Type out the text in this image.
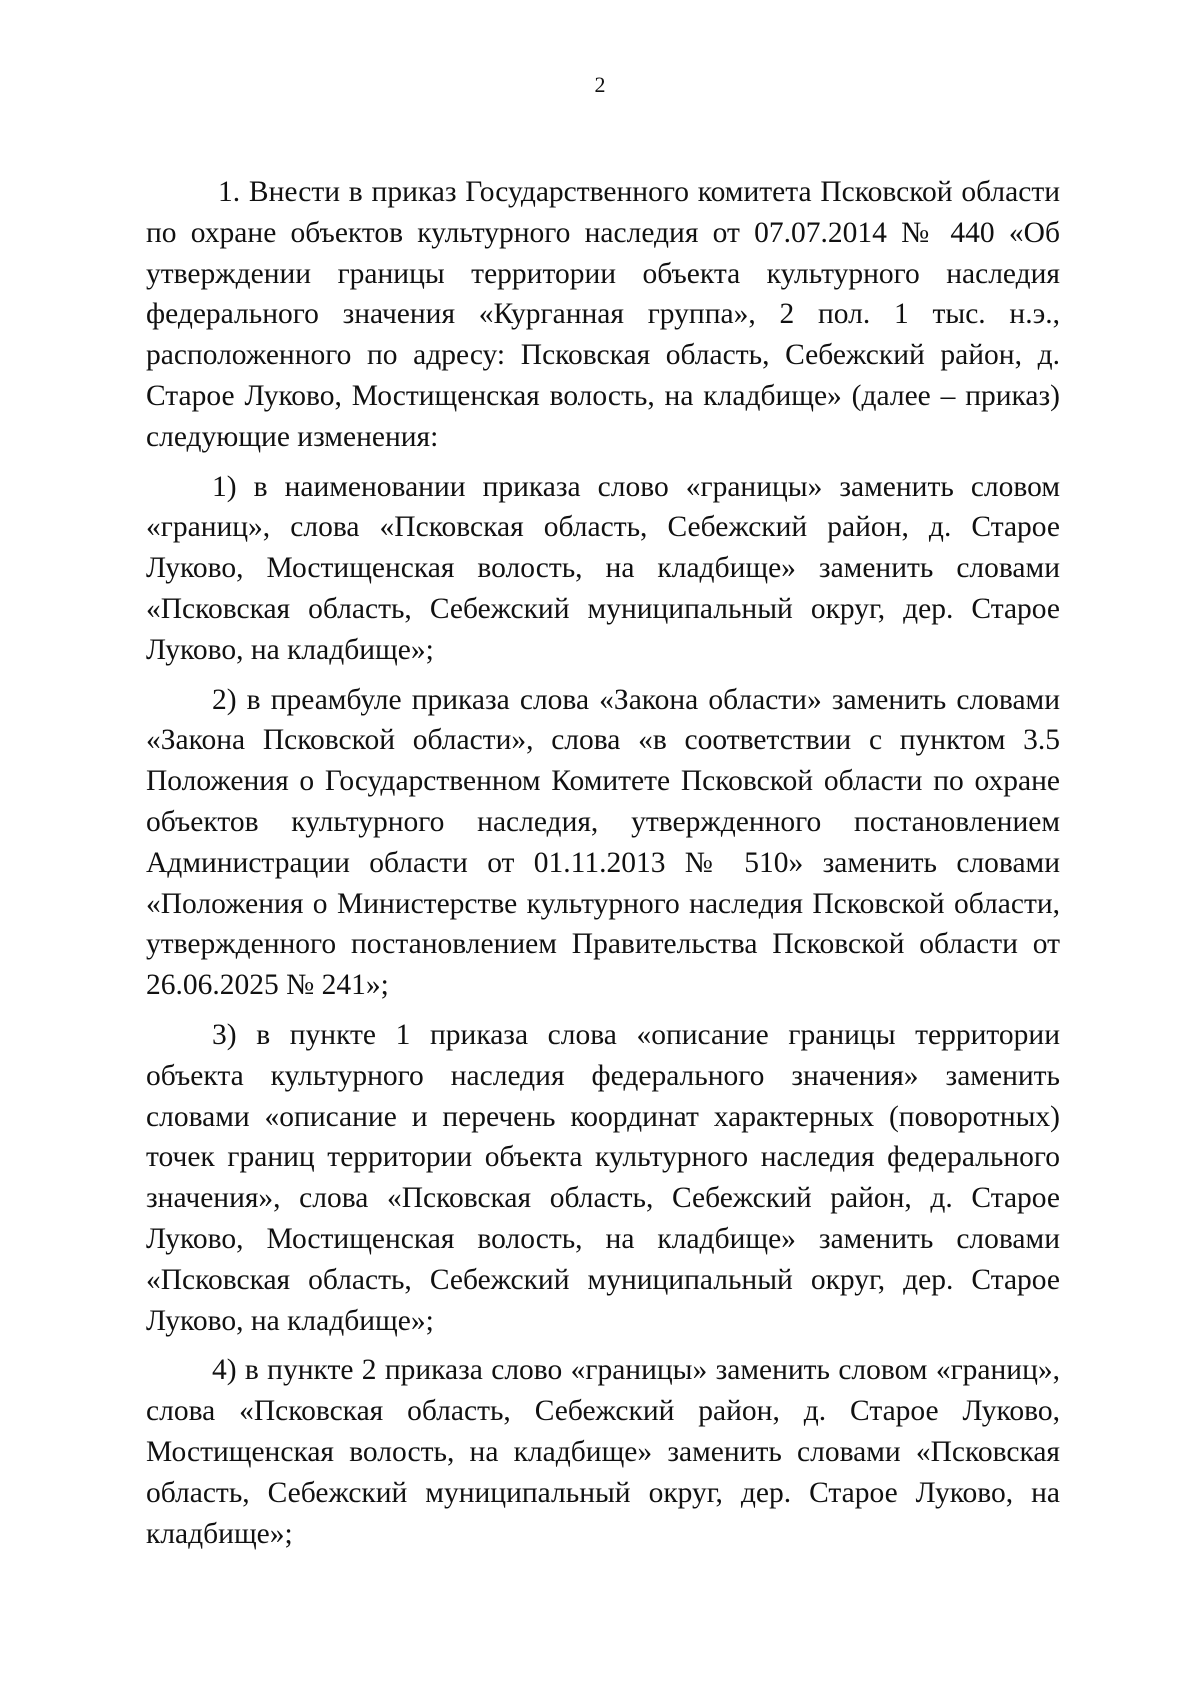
2

1. Внести в приказ Государственного комитета Псковской области по охране объектов культурного наследия от 07.07.2014 № 440 «Об утверждении границы территории объекта культурного наследия федерального значения «Курганная группа», 2 пол. 1 тыс. н.э., расположенного по адресу: Псковская область, Себежский район, д. Старое Луково, Мостищенская волость, на кладбище» (далее – приказ) следующие изменения:

1) в наименовании приказа слово «границы» заменить словом «границ», слова «Псковская область, Себежский район, д. Старое Луково, Мостищенская волость, на кладбище» заменить словами «Псковская область, Себежский муниципальный округ, дер. Старое Луково, на кладбище»;

2) в преамбуле приказа слова «Закона области» заменить словами «Закона Псковской области», слова «в соответствии с пунктом 3.5 Положения о Государственном Комитете Псковской области по охране объектов культурного наследия, утвержденного постановлением Администрации области от 01.11.2013 № 510» заменить словами «Положения о Министерстве культурного наследия Псковской области, утвержденного постановлением Правительства Псковской области от 26.06.2025 № 241»;

3) в пункте 1 приказа слова «описание границы территории объекта культурного наследия федерального значения» заменить словами «описание и перечень координат характерных (поворотных) точек границ территории объекта культурного наследия федерального значения», слова «Псковская область, Себежский район, д. Старое Луково, Мостищенская волость, на кладбище» заменить словами «Псковская область, Себежский муниципальный округ, дер. Старое Луково, на кладбище»;

4) в пункте 2 приказа слово «границы» заменить словом «границ», слова «Псковская область, Себежский район, д. Старое Луково, Мостищенская волость, на кладбище» заменить словами «Псковская область, Себежский муниципальный округ, дер. Старое Луково, на кладбище»;
